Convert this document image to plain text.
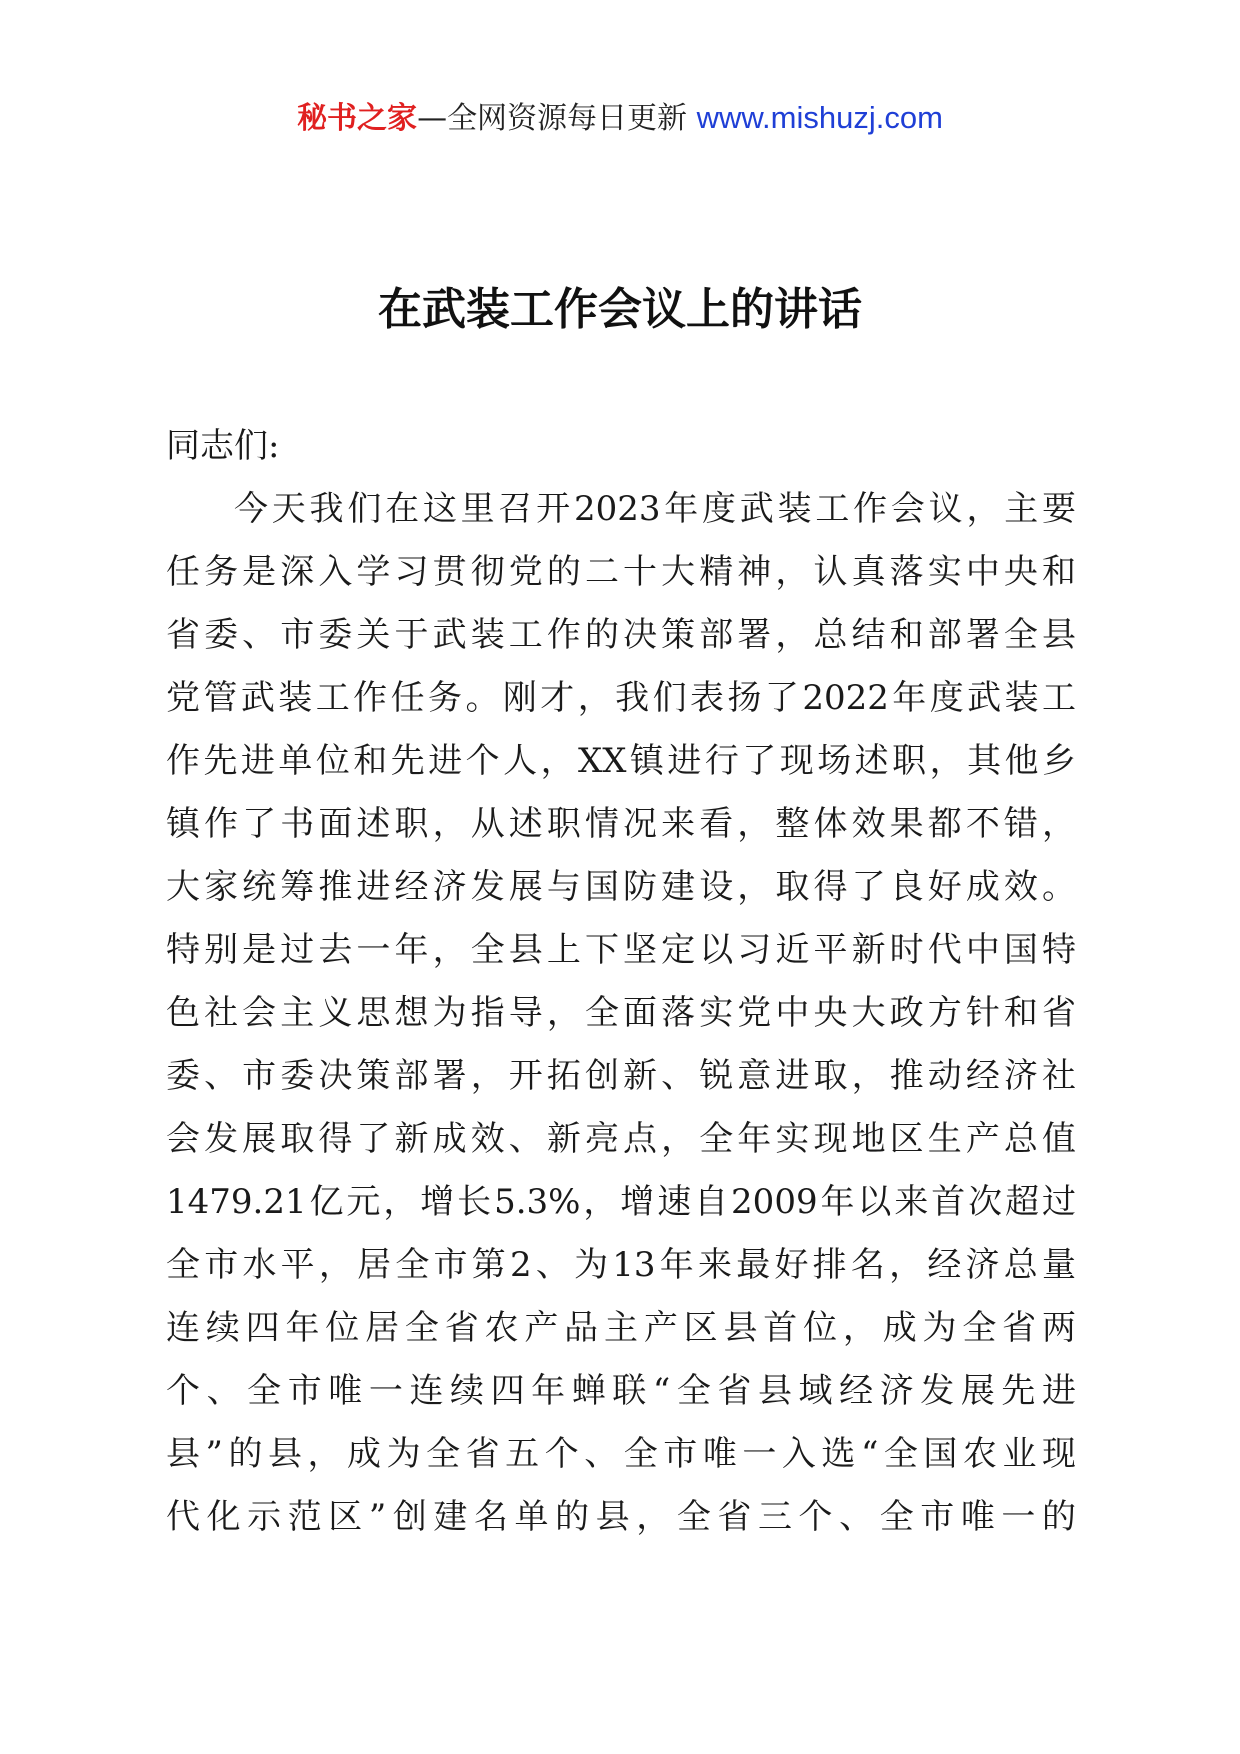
秘书之家—全网资源每日更新 www.mishuzj.com
在武装工作会议上的讲话
同志们:
今天我们在这里召开2023年度武装工作会议，主要
任务是深入学习贯彻党的二十大精神，认真落实中央和
省委、市委关于武装工作的决策部署，总结和部署全县
党管武装工作任务。刚才，我们表扬了2022年度武装工
作先进单位和先进个人，XX镇进行了现场述职，其他乡
镇作了书面述职，从述职情况来看，整体效果都不错，
大家统筹推进经济发展与国防建设，取得了良好成效。
特别是过去一年，全县上下坚定以习近平新时代中国特
色社会主义思想为指导，全面落实党中央大政方针和省
委、市委决策部署，开拓创新、锐意进取，推动经济社
会发展取得了新成效、新亮点，全年实现地区生产总值
1479.21亿元，增长5.3%，增速自2009年以来首次超过
全市水平，居全市第2、为13年来最好排名，经济总量
连续四年位居全省农产品主产区县首位，成为全省两
个、全市唯一连续四年蝉联“全省县域经济发展先进
县”的县，成为全省五个、全市唯一入选“全国农业现
代化示范区”创建名单的县，全省三个、全市唯一的
